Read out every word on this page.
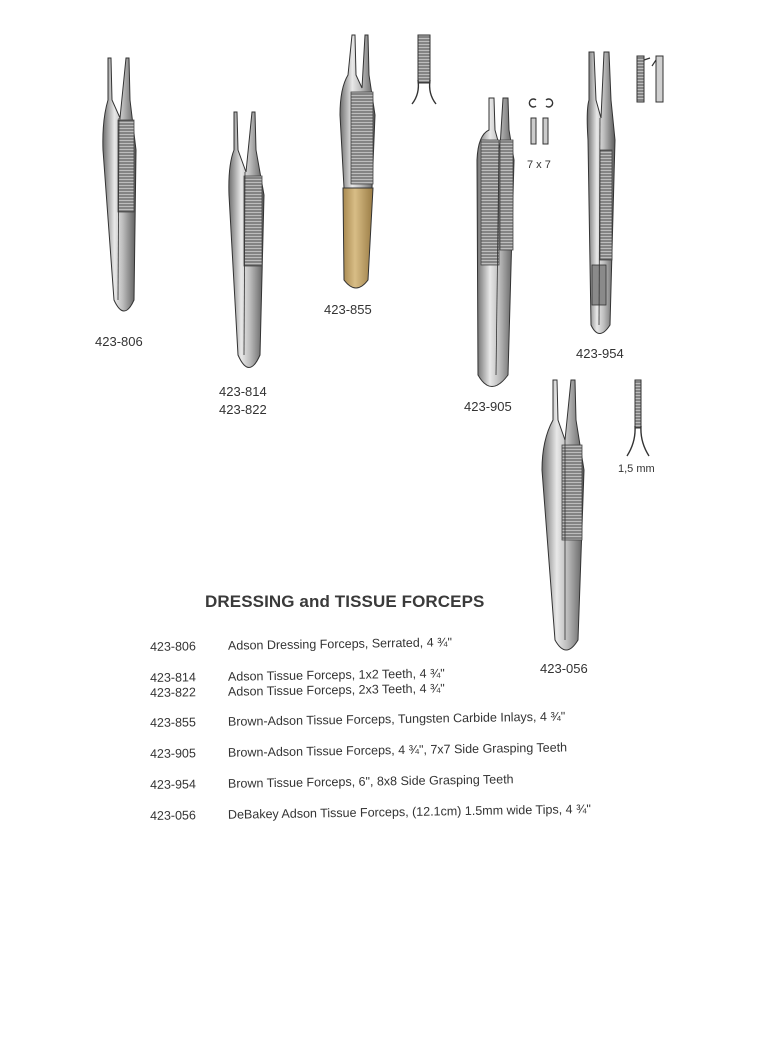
423-806
423-814
423-822
423-855
423-905
423-954
423-056
7 x 7
1,5 mm
DRESSING and TISSUE FORCEPS
423-806	Adson Dressing Forceps, Serrated, 4 ¾"
423-814	Adson Tissue Forceps, 1x2 Teeth, 4 ¾"
423-822	Adson Tissue Forceps, 2x3 Teeth, 4 ¾"
423-855	Brown-Adson Tissue Forceps, Tungsten Carbide Inlays, 4 ¾"
423-905	Brown-Adson Tissue Forceps, 4 ¾", 7x7 Side Grasping Teeth
423-954	Brown Tissue Forceps, 6", 8x8 Side Grasping Teeth
423-056	DeBakey Adson Tissue Forceps, (12.1cm) 1.5mm wide Tips, 4 ¾"
